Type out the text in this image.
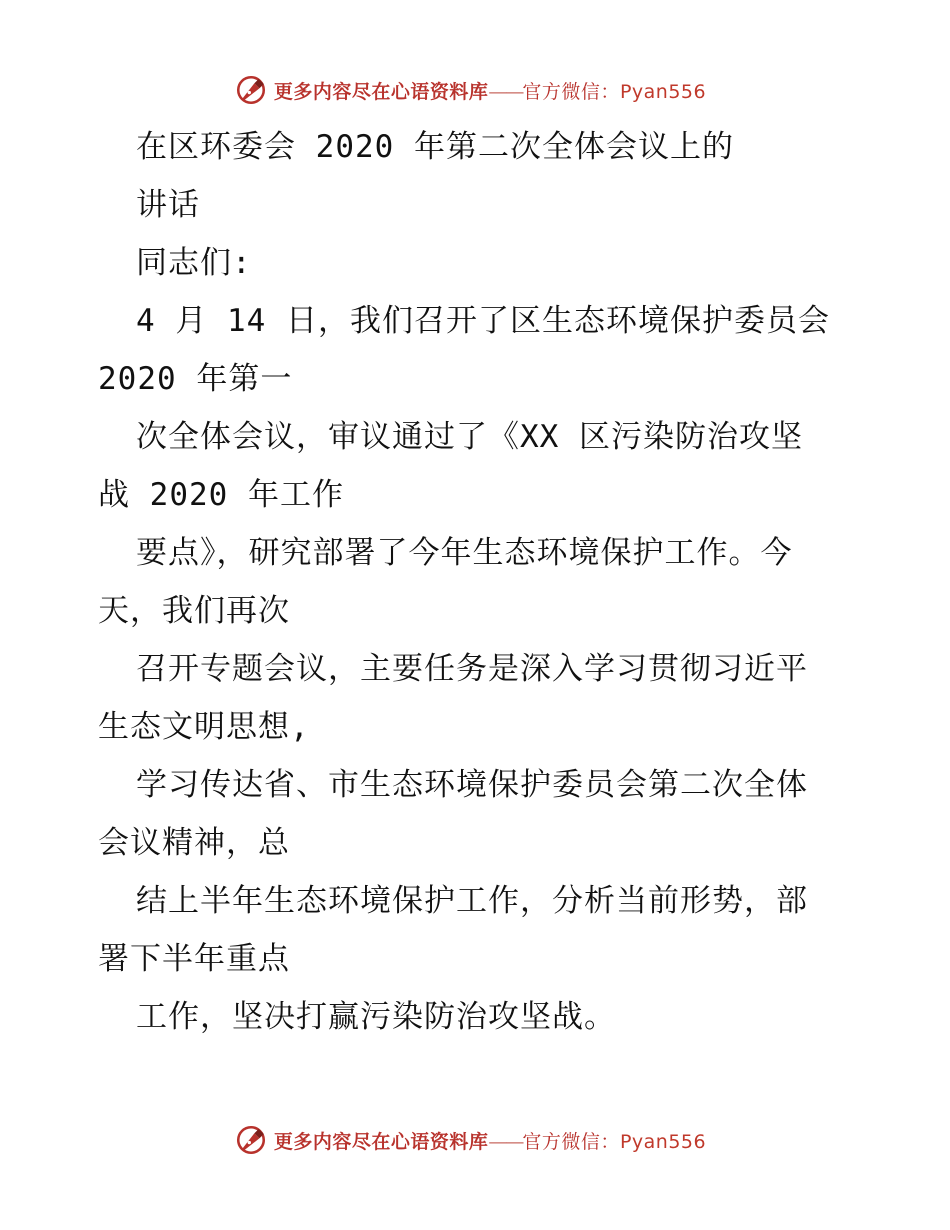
更多内容尽在心语资料库——官方微信：Pyan556
在区环委会 2020 年第二次全体会议上的
讲话
同志们:
4 月 14 日，我们召开了区生态环境保护委员会
2020 年第一
次全体会议，审议通过了《XX 区污染防治攻坚
战 2020 年工作
要点》，研究部署了今年生态环境保护工作。今
天，我们再次
召开专题会议，主要任务是深入学习贯彻习近平
生态文明思想,
学习传达省、市生态环境保护委员会第二次全体
会议精神，总
结上半年生态环境保护工作，分析当前形势，部
署下半年重点
工作，坚决打赢污染防治攻坚战。
更多内容尽在心语资料库——官方微信：Pyan556
